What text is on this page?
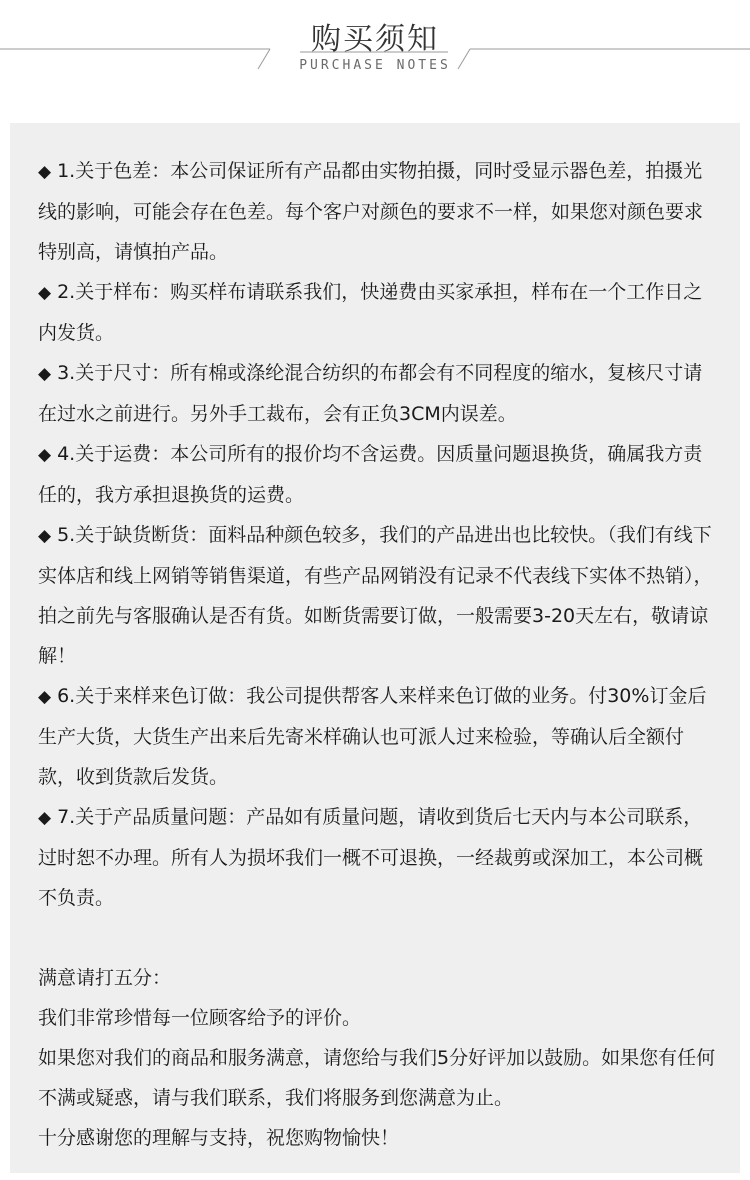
购买须知
PURCHASE NOTES
◆ 1.关于色差：本公司保证所有产品都由实物拍摄，同时受显示器色差，拍摄光线的影响，可能会存在色差。每个客户对颜色的要求不一样，如果您对颜色要求特别高，请慎拍产品。
◆ 2.关于样布：购买样布请联系我们，快递费由买家承担，样布在一个工作日之内发货。
◆ 3.关于尺寸：所有棉或涤纶混合纺织的布都会有不同程度的缩水，复核尺寸请在过水之前进行。另外手工裁布，会有正负3CM内误差。
◆ 4.关于运费：本公司所有的报价均不含运费。因质量问题退换货，确属我方责任的，我方承担退换货的运费。
◆ 5.关于缺货断货：面料品种颜色较多，我们的产品进出也比较快。（我们有线下实体店和线上网销等销售渠道，有些产品网销没有记录不代表线下实体不热销），拍之前先与客服确认是否有货。如断货需要订做，一般需要3-20天左右，敬请谅解！
◆ 6.关于来样来色订做：我公司提供帮客人来样来色订做的业务。付30%订金后生产大货，大货生产出来后先寄米样确认也可派人过来检验，等确认后全额付款，收到货款后发货。
◆ 7.关于产品质量问题：产品如有质量问题，请收到货后七天内与本公司联系，过时恕不办理。所有人为损坏我们一概不可退换，一经裁剪或深加工，本公司概不负责。

满意请打五分：

我们非常珍惜每一位顾客给予的评价。

如果您对我们的商品和服务满意，请您给与我们5分好评加以鼓励。如果您有任何不满或疑惑，请与我们联系，我们将服务到您满意为止。

十分感谢您的理解与支持，祝您购物愉快！
